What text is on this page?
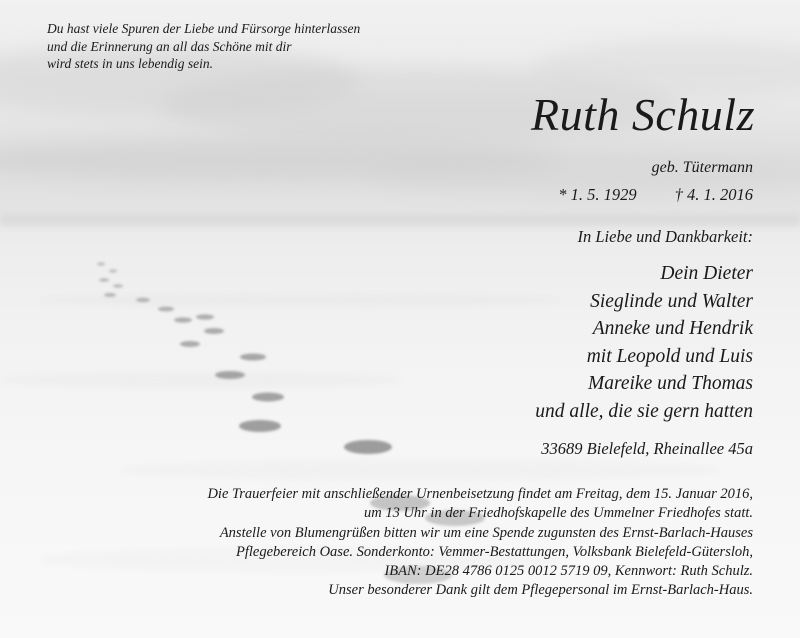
Du hast viele Spuren der Liebe und Fürsorge hinterlassen
und die Erinnerung an all das Schöne mit dir
wird stets in uns lebendig sein.
Ruth Schulz
geb. Tütermann
* 1. 5. 1929 † 4. 1. 2016
In Liebe und Dankbarkeit:
Dein Dieter
Sieglinde und Walter
Anneke und Hendrik
mit Leopold und Luis
Mareike und Thomas
und alle, die sie gern hatten
33689 Bielefeld, Rheinallee 45a
Die Trauerfeier mit anschließender Urnenbeisetzung findet am Freitag, dem 15. Januar 2016,
um 13 Uhr in der Friedhofskapelle des Ummelner Friedhofes statt.
Anstelle von Blumengrüßen bitten wir um eine Spende zugunsten des Ernst-Barlach-Hauses
Pflegebereich Oase. Sonderkonto: Vemmer-Bestattungen, Volksbank Bielefeld-Gütersloh,
IBAN: DE28 4786 0125 0012 5719 09, Kennwort: Ruth Schulz.
Unser besonderer Dank gilt dem Pflegepersonal im Ernst-Barlach-Haus.
